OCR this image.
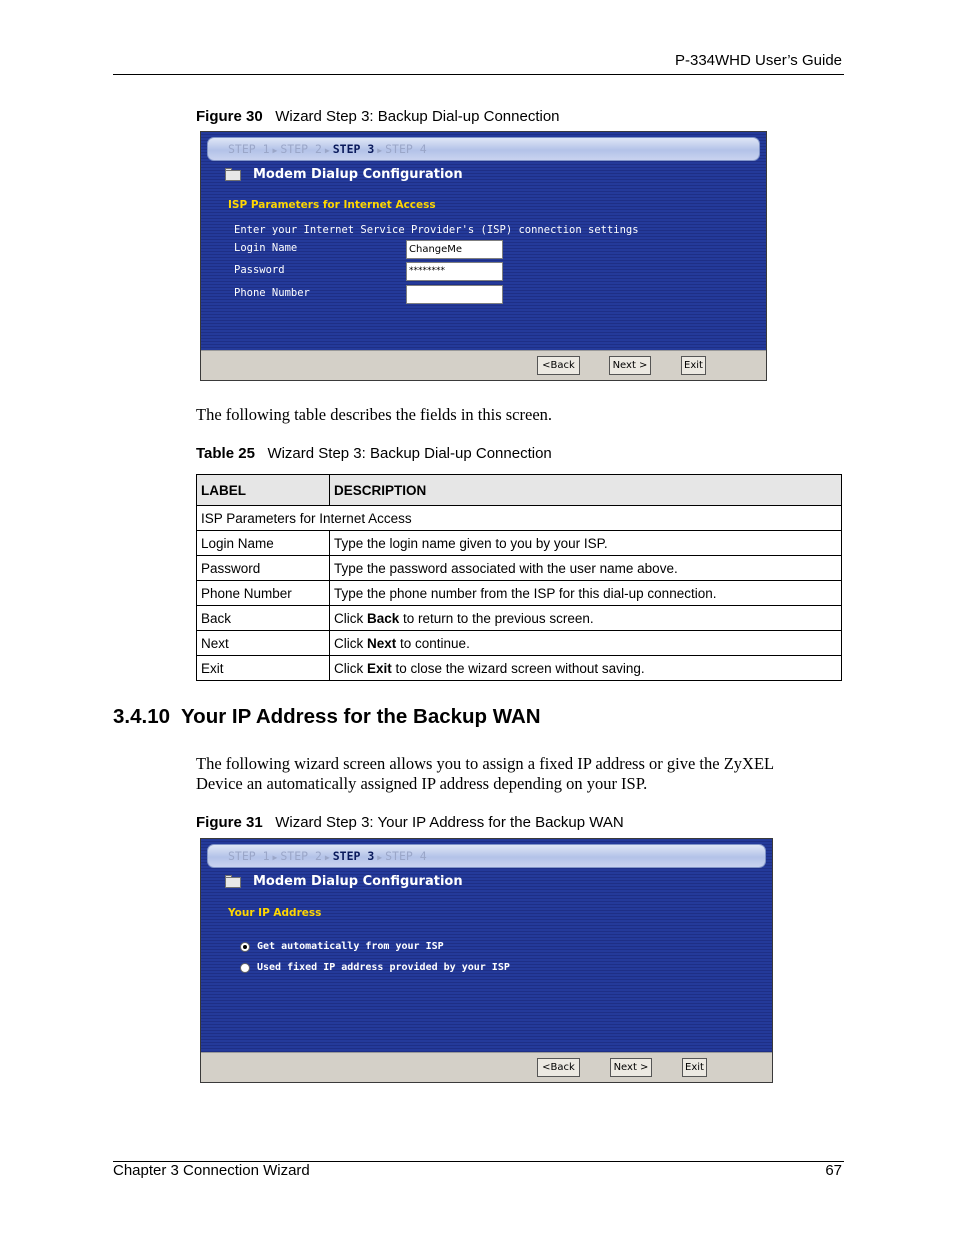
P-334WHD User’s Guide
Figure 30 Wizard Step 3: Backup Dial-up Connection
STEP 1 ▶ STEP 2 ▶ STEP 3 ▶ STEP 4
Modem Dialup Configuration
ISP Parameters for Internet Access
Enter your Internet Service Provider's (ISP) connection settings
Login Name	ChangeMe
Password	********
Phone Number
<Back	Next >	Exit
The following table describes the fields in this screen.
Table 25 Wizard Step 3: Backup Dial-up Connection
LABEL	DESCRIPTION
ISP Parameters for Internet Access	
Login Name	Type the login name given to you by your ISP.
Password	Type the password associated with the user name above.
Phone Number	Type the phone number from the ISP for this dial-up connection.
Back	Click Back to return to the previous screen.
Next	Click Next to continue.
Exit	Click Exit to close the wizard screen without saving.
3.4.10  Your IP Address for the Backup WAN
The following wizard screen allows you to assign a fixed IP address or give the ZyXEL
Device an automatically assigned IP address depending on your ISP.
Figure 31 Wizard Step 3: Your IP Address for the Backup WAN
STEP 1 ▶ STEP 2 ▶ STEP 3 ▶ STEP 4
Modem Dialup Configuration
Your IP Address
Get automatically from your ISP
Used fixed IP address provided by your ISP
<Back	Next >	Exit
Chapter 3 Connection Wizard	67
